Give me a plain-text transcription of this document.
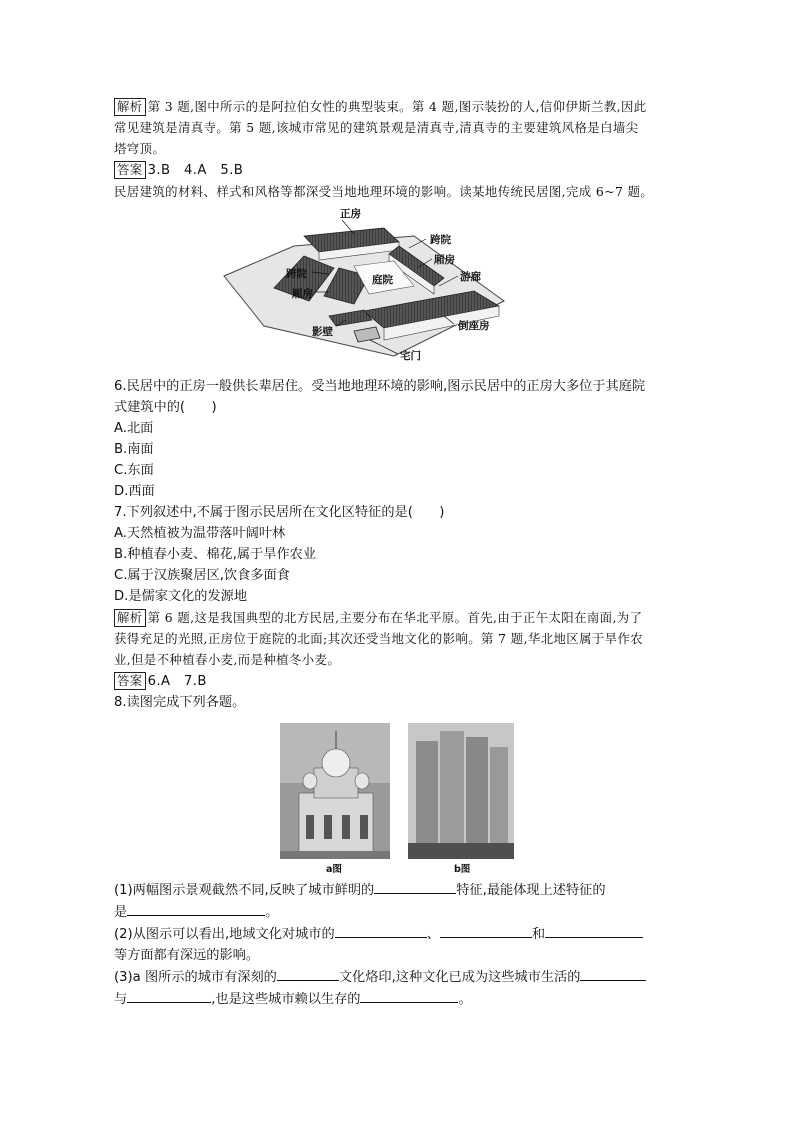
解析 第 3 题,图中所示的是阿拉伯女性的典型装束。第 4 题,图示装扮的人,信仰伊斯兰教,因此
常见建筑是清真寺。第 5 题,该城市常见的建筑景观是清真寺,清真寺的主要建筑风格是白墙尖
塔穹顶。
答案 3.B　4.A　5.B
民居建筑的材料、样式和风格等都深受当地地理环境的影响。读某地传统民居图,完成 6~7 题。
正房
跨院
厢房
跨院	庭院	游廊
厢房
影壁	倒座房
宅门
6.民居中的正房一般供长辈居住。受当地地理环境的影响,图示民居中的正房大多位于其庭院
式建筑中的(　　)
A.北面
B.南面
C.东面
D.西面
7.下列叙述中,不属于图示民居所在文化区特征的是(　　)
A.天然植被为温带落叶阔叶林
B.种植春小麦、棉花,属于旱作农业
C.属于汉族聚居区,饮食多面食
D.是儒家文化的发源地
解析 第 6 题,这是我国典型的北方民居,主要分布在华北平原。首先,由于正午太阳在南面,为了
获得充足的光照,正房位于庭院的北面;其次还受当地文化的影响。第 7 题,华北地区属于旱作农
业,但是不种植春小麦,而是种植冬小麦。
答案 6.A　7.B
8.读图完成下列各题。
a图	b图
(1)两幅图示景观截然不同,反映了城市鲜明的	特征,最能体现上述特征的
是	。
(2)从图示可以看出,地域文化对城市的	、	和
等方面都有深远的影响。
(3)a 图所示的城市有深刻的	文化烙印,这种文化已成为这些城市生活的
与	,也是这些城市赖以生存的	。
